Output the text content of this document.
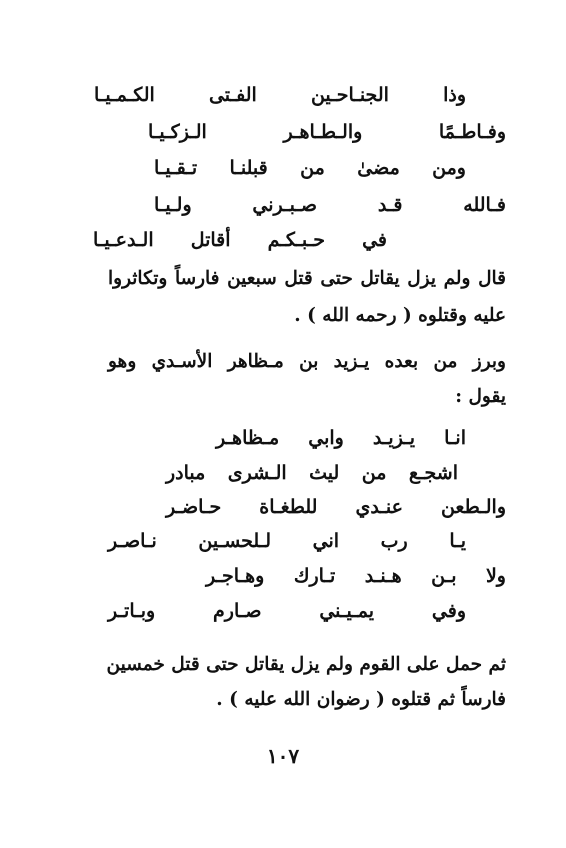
وذا الجنـاحـين الفـتى الكـمـيـا
وفـاطـمًا والـطـاهـر الـزكـيـا
ومن مضىٰ من قبلنـا تـقـيـا
فـالله قـد صـبـرني ولـيـا
في حـبـكـم أقاتل الـدعـيـا
قال ولم يزل يقاتل حتى قتل سبعين فارساً وتكاثروا
عليه وقتلوه ( رحمه الله ) .
وبرز من بعده يـزيد بن مـظاهر الأسـدي وهو
يقول :
انـا يـزيـد وابي مـظاهـر
اشجـع من ليث الـشرى مبادر
والـطعن عنـدي للطغـاة حـاضـر
يـا رب اني لـلحسـين نـاصـر
ولا بـن هـنـد تـارك وهـاجـر
وفي يمـيـني صـارم وبـاتـر
ثم حمل على القوم ولم يزل يقاتل حتى قتل خمسين
فارساً ثم قتلوه ( رضوان الله عليه ) .
١٠٧
